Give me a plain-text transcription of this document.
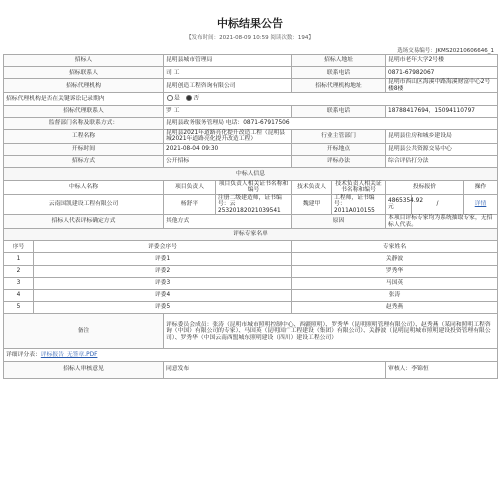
中标结果公告
【发布时间：2021-08-09 10:59 阅读次数：194】
选场交易编号：JKMS20210606646_1
招标人		昆明县城市管理局		招标人地址		昆明市老年大学2号楼		
招标联系人		司 工		联系电话		0871-67982067		
招标代理机构		昆明创造工程咨询有限公司		招标代理机构地址		昆明市西山区海溪中路海溪财富中心2号楼8楼		
招标代理机构是否在关键诉讼记录期内		是 否						
招标代理联系人		罗 工		联系电话		18788417694，15094110797		
监督部门名称及联系方式：		昆明县政务服务管理局 电话：0871-67917506						
工程名称		昆明县2021年道路亮化提升改造工程（昆明县城2021年道路亮化提升改造工程）		行业主管部门		昆明县住房和城乡建设局		
开标时间		2021-08-04 09:30		开标地点		昆明县公共资源交易中心		
招标方式		公开招标		评标办法		综合评估打分法		
中标人信息								
中标人名称		项目负责人	项目负责人相关证书名称和编号	技术负责人	技术负责人相关证书名称和编号	投标报价		操作
云南国凯建设工程有限公司		杨舒平	注册二级建造师，证书编号：云25320182021039541	魏建甲	工程师，证书编号：2011A010155	4865354.92元	/	详情
招标人代表评标确定方式		其他方式		原因		本项目评标专家均为系统抽取专家，无招标人代表。		
评标专家名单								
序号	评委会序号			专家姓名				
1	评委1			关静波				
2	评委2			罗秀华				
3	评委3			马国英				
4	评委4			张涛				
5	评委5			赵秀燕				
备注		评标委员会成员：张涛（昆明市城市照明控制中心、西疆照明）、罗秀华（昆明照明管理有限公司）、赵秀燕（某同和照明工程咨询（中国）有限公司的专家）、马国英（昆明国广工程建设（集团）有限公司）、关静波（昆明昆明城市照明建设投资管理有限公司）、罗秀华（中国云南西盟城东照明建设（四川）建设工程公司）						
详细评分表：评标报告_无签章.PDF								
招标人审核意见		同意发布				审核人：李锦恒		
